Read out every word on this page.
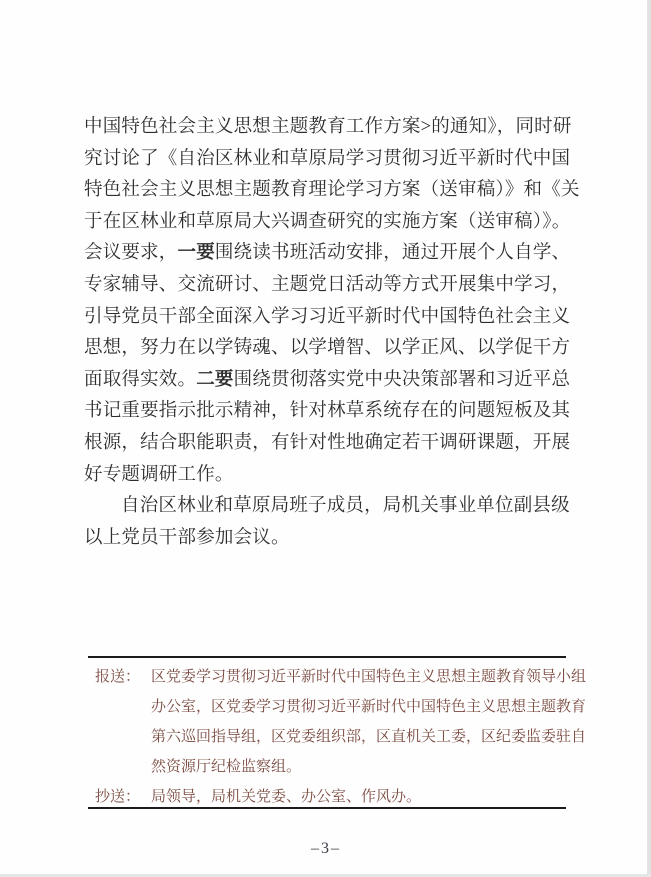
中国特色社会主义思想主题教育工作方案>的通知》，同时研
究讨论了《自治区林业和草原局学习贯彻习近平新时代中国
特色社会主义思想主题教育理论学习方案（送审稿）》和《关
于在区林业和草原局大兴调查研究的实施方案（送审稿）》。
会议要求，一要围绕读书班活动安排，通过开展个人自学、
专家辅导、交流研讨、主题党日活动等方式开展集中学习，
引导党员干部全面深入学习习近平新时代中国特色社会主义
思想，努力在以学铸魂、以学增智、以学正风、以学促干方
面取得实效。二要围绕贯彻落实党中央决策部署和习近平总
书记重要指示批示精神，针对林草系统存在的问题短板及其
根源，结合职能职责，有针对性地确定若干调研课题，开展
好专题调研工作。
自治区林业和草原局班子成员，局机关事业单位副县级
以上党员干部参加会议。
报送： 区党委学习贯彻习近平新时代中国特色主义思想主题教育领导小组
办公室，区党委学习贯彻习近平新时代中国特色主义思想主题教育
第六巡回指导组，区党委组织部，区直机关工委，区纪委监委驻自
然资源厅纪检监察组。
抄送： 局领导，局机关党委、办公室、作风办。
–3–
